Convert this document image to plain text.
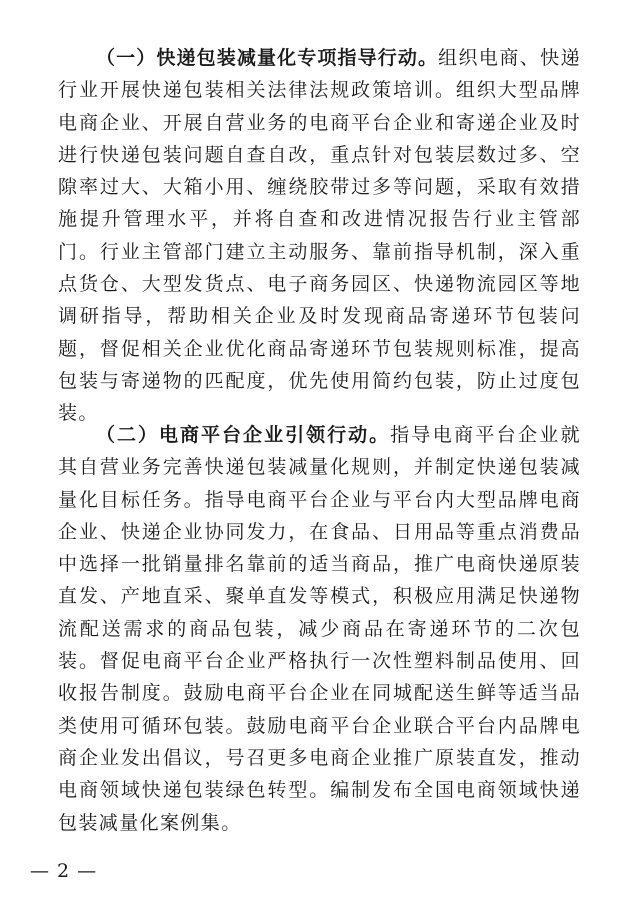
（一）快递包装减量化专项指导行动。组织电商、快递行业开展快递包装相关法律法规政策培训。组织大型品牌电商企业、开展自营业务的电商平台企业和寄递企业及时进行快递包装问题自查自改，重点针对包装层数过多、空隙率过大、大箱小用、缠绕胶带过多等问题，采取有效措施提升管理水平，并将自查和改进情况报告行业主管部门。行业主管部门建立主动服务、靠前指导机制，深入重点货仓、大型发货点、电子商务园区、快递物流园区等地调研指导，帮助相关企业及时发现商品寄递环节包装问题，督促相关企业优化商品寄递环节包装规则标准，提高包装与寄递物的匹配度，优先使用简约包装，防止过度包装。

（二）电商平台企业引领行动。指导电商平台企业就其自营业务完善快递包装减量化规则，并制定快递包装减量化目标任务。指导电商平台企业与平台内大型品牌电商企业、快递企业协同发力，在食品、日用品等重点消费品中选择一批销量排名靠前的适当商品，推广电商快递原装直发、产地直采、聚单直发等模式，积极应用满足快递物流配送需求的商品包装，减少商品在寄递环节的二次包装。督促电商平台企业严格执行一次性塑料制品使用、回收报告制度。鼓励电商平台企业在同城配送生鲜等适当品类使用可循环包装。鼓励电商平台企业联合平台内品牌电商企业发出倡议，号召更多电商企业推广原装直发，推动电商领域快递包装绿色转型。编制发布全国电商领域快递包装减量化案例集。

— 2 —
